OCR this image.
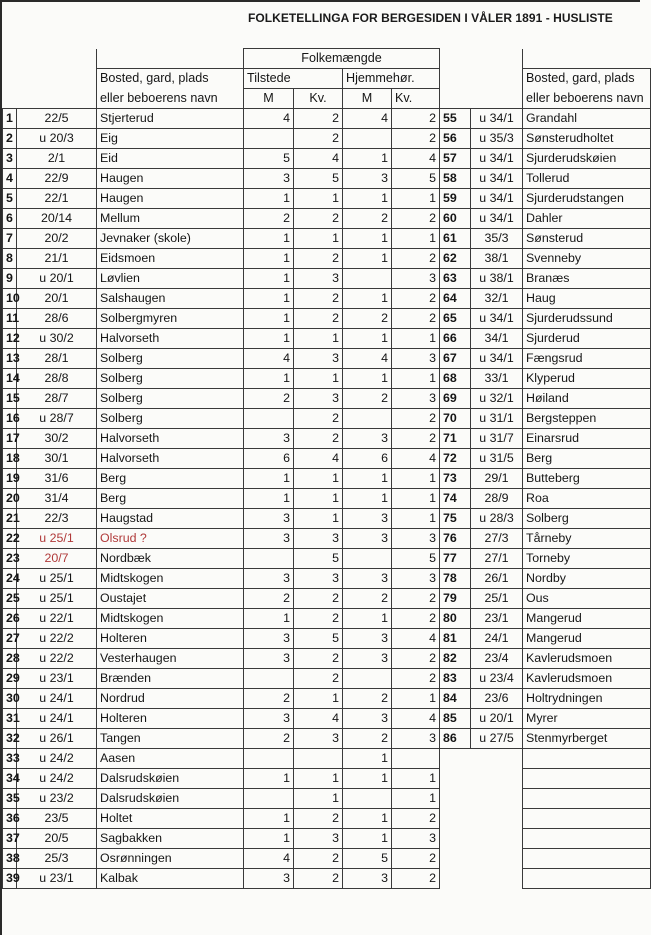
FOLKETELLINGA FOR BERGESIDEN I VÅLER 1891 - HUSLISTE
			Folkemængde						
		Bosted, gard, plads	Tilstede		Hjemmehør.				Bosted, gard, plads
		eller beboerens navn	M	Kv.	M	Kv.			eller beboerens navn
1	22/5	Stjerterud	4	2	4	2	55	u 34/1	Grandahl
2	u 20/3	Eig		2		2	56	u 35/3	Sønsterudholtet
3	2/1	Eid	5	4	1	4	57	u 34/1	Sjurderudskøien
4	22/9	Haugen	3	5	3	5	58	u 34/1	Tollerud
5	22/1	Haugen	1	1	1	1	59	u 34/1	Sjurderudstangen
6	20/14	Mellum	2	2	2	2	60	u 34/1	Dahler
7	20/2	Jevnaker (skole)	1	1	1	1	61	35/3	Sønsterud
8	21/1	Eidsmoen	1	2	1	2	62	38/1	Svenneby
9	u 20/1	Løvlien	1	3		3	63	u 38/1	Branæs
10	20/1	Salshaugen	1	2	1	2	64	32/1	Haug
11	28/6	Solbergmyren	1	2	2	2	65	u 34/1	Sjurderudssund
12	u 30/2	Halvorseth	1	1	1	1	66	34/1	Sjurderud
13	28/1	Solberg	4	3	4	3	67	u 34/1	Fængsrud
14	28/8	Solberg	1	1	1	1	68	33/1	Klyperud
15	28/7	Solberg	2	3	2	3	69	u 32/1	Høiland
16	u 28/7	Solberg		2		2	70	u 31/1	Bergsteppen
17	30/2	Halvorseth	3	2	3	2	71	u 31/7	Einarsrud
18	30/1	Halvorseth	6	4	6	4	72	u 31/5	Berg
19	31/6	Berg	1	1	1	1	73	29/1	Butteberg
20	31/4	Berg	1	1	1	1	74	28/9	Roa
21	22/3	Haugstad	3	1	3	1	75	u 28/3	Solberg
22	u 25/1	Olsrud ?	3	3	3	3	76	27/3	Tårneby
23	20/7	Nordbæk		5		5	77	27/1	Torneby
24	u 25/1	Midtskogen	3	3	3	3	78	26/1	Nordby
25	u 25/1	Oustajet	2	2	2	2	79	25/1	Ous
26	u 22/1	Midtskogen	1	2	1	2	80	23/1	Mangerud
27	u 22/2	Holteren	3	5	3	4	81	24/1	Mangerud
28	u 22/2	Vesterhaugen	3	2	3	2	82	23/4	Kavlerudsmoen
29	u 23/1	Brænden		2		2	83	u 23/4	Kavlerudsmoen
30	u 24/1	Nordrud	2	1	2	1	84	23/6	Holtrydningen
31	u 24/1	Holteren	3	4	3	4	85	u 20/1	Myrer
32	u 26/1	Tangen	2	3	2	3	86	u 27/5	Stenmyrberget
33	u 24/2	Aasen			1				
34	u 24/2	Dalsrudskøien	1	1	1	1			
35	u 23/2	Dalsrudskøien		1		1			
36	23/5	Holtet	1	2	1	2			
37	20/5	Sagbakken	1	3	1	3			
38	25/3	Osrønningen	4	2	5	2			
39	u 23/1	Kalbak	3	2	3	2			
